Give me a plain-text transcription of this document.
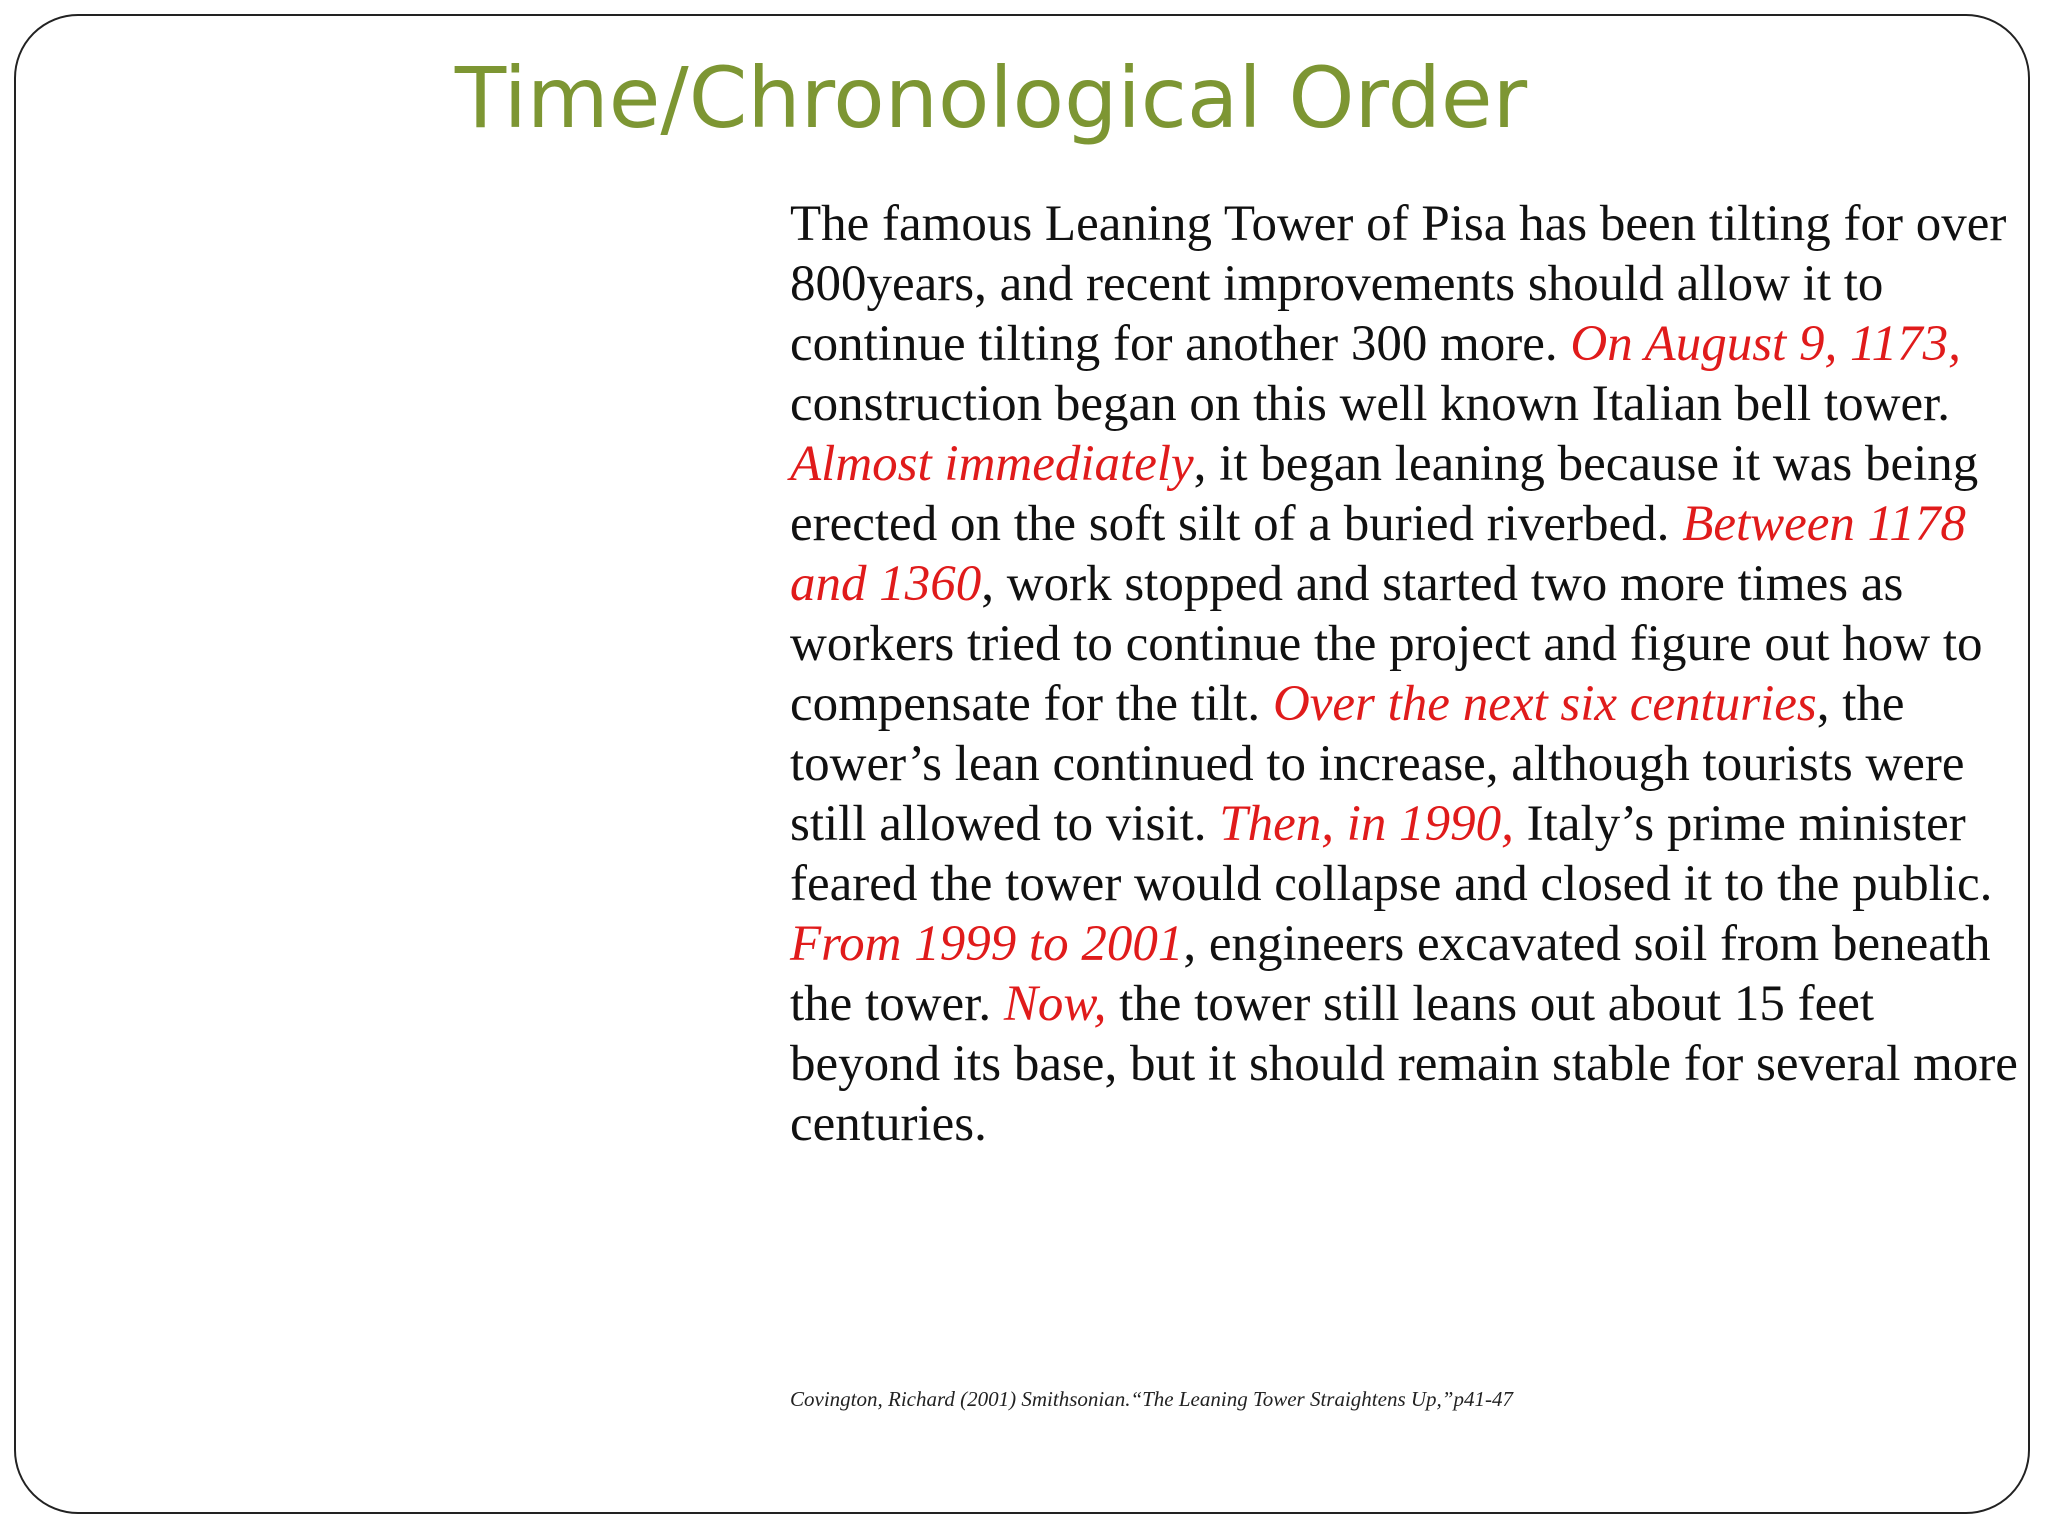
Time/Chronological Order

The famous Leaning Tower of Pisa has been tilting for over 800years, and recent improvements should allow it to continue tilting for another 300 more. On August 9, 1173, construction began on this well known Italian bell tower. Almost immediately, it began leaning because it was being erected on the soft silt of a buried riverbed. Between 1178 and 1360, work stopped and started two more times as workers tried to continue the project and figure out how to compensate for the tilt. Over the next six centuries, the tower’s lean continued to increase, although tourists were still allowed to visit. Then, in 1990, Italy’s prime minister feared the tower would collapse and closed it to the public. From 1999 to 2001, engineers excavated soil from beneath the tower. Now, the tower still leans out about 15 feet beyond its base, but it should remain stable for several more centuries.

Covington, Richard (2001) Smithsonian.“The Leaning Tower Straightens Up,”p41-47
